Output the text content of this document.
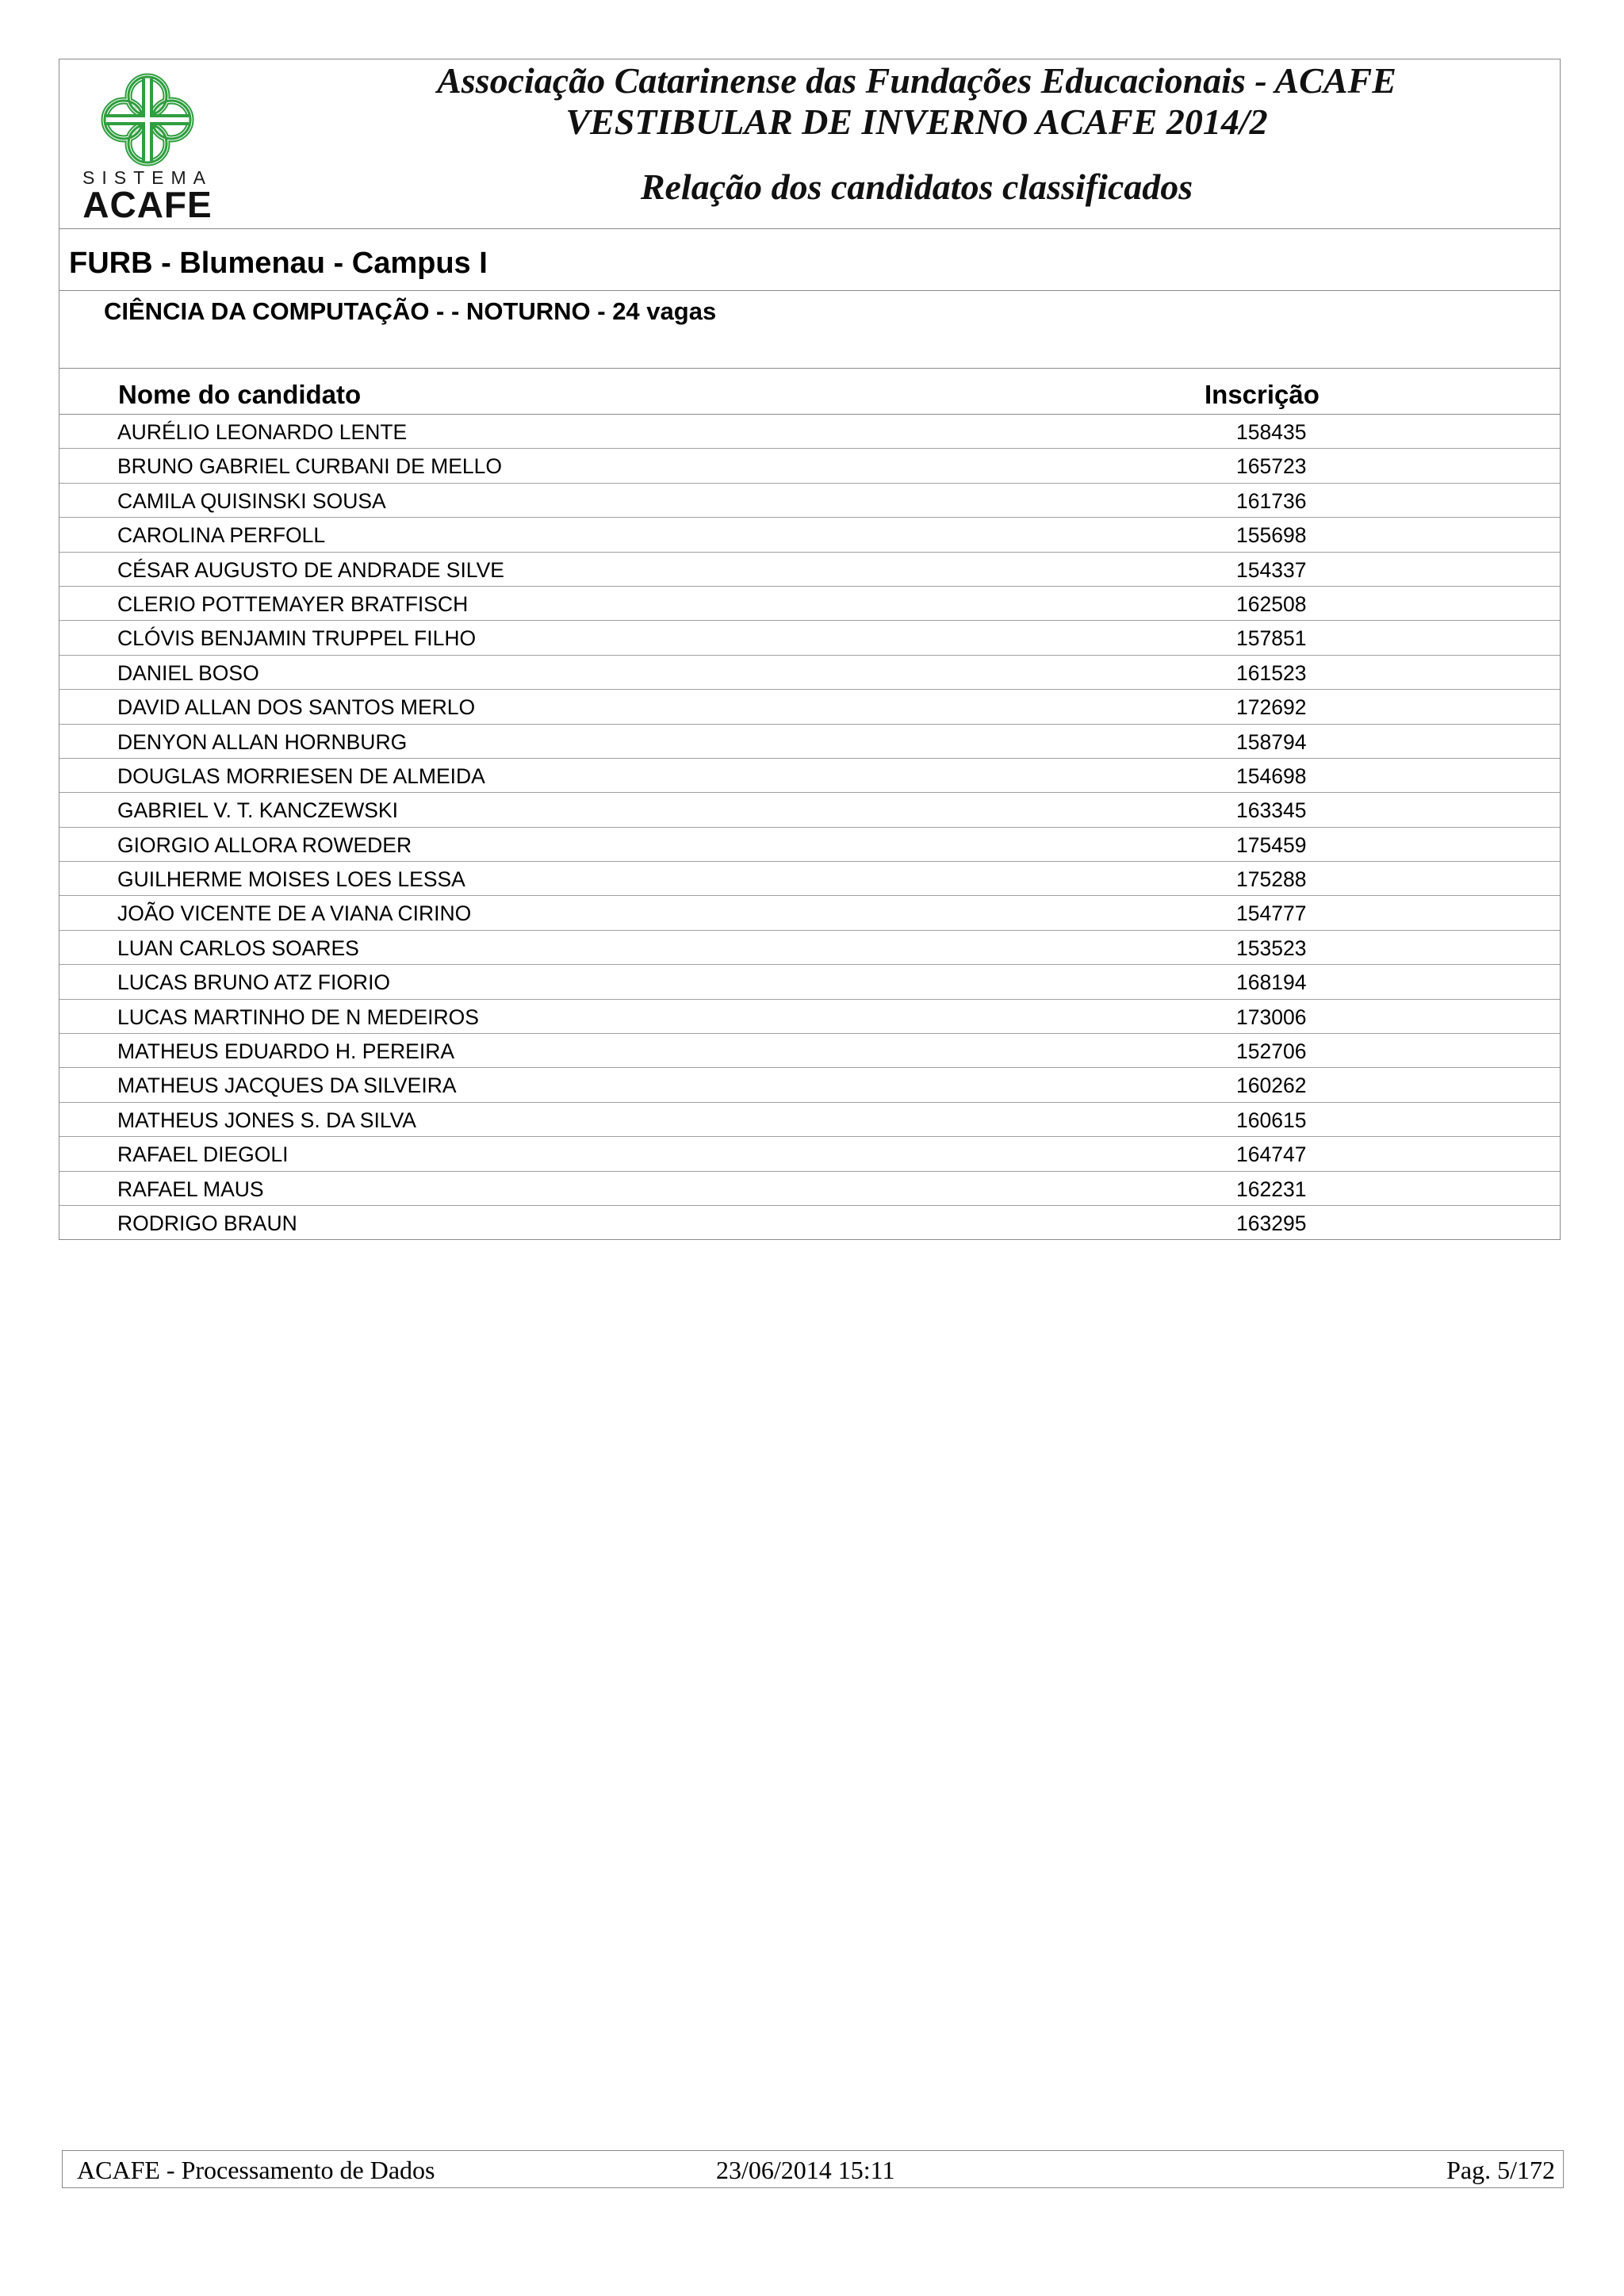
SISTEMA
ACAFE
Associação Catarinense das Fundações Educacionais - ACAFE
VESTIBULAR DE INVERNO ACAFE 2014/2
Relação dos candidatos classificados
FURB - Blumenau - Campus I
CIÊNCIA DA COMPUTAÇÃO - - NOTURNO - 24 vagas
Nome do candidato	Inscrição
AURÉLIO LEONARDO LENTE	158435
BRUNO GABRIEL CURBANI DE MELLO	165723
CAMILA QUISINSKI SOUSA	161736
CAROLINA PERFOLL	155698
CÉSAR AUGUSTO DE ANDRADE SILVE	154337
CLERIO POTTEMAYER BRATFISCH	162508
CLÓVIS BENJAMIN TRUPPEL FILHO	157851
DANIEL BOSO	161523
DAVID ALLAN DOS SANTOS MERLO	172692
DENYON ALLAN HORNBURG	158794
DOUGLAS MORRIESEN DE ALMEIDA	154698
GABRIEL V. T. KANCZEWSKI	163345
GIORGIO ALLORA ROWEDER	175459
GUILHERME MOISES LOES LESSA	175288
JOÃO VICENTE DE A VIANA CIRINO	154777
LUAN CARLOS SOARES	153523
LUCAS BRUNO ATZ FIORIO	168194
LUCAS MARTINHO DE N MEDEIROS	173006
MATHEUS EDUARDO H. PEREIRA	152706
MATHEUS JACQUES DA SILVEIRA	160262
MATHEUS JONES S. DA SILVA	160615
RAFAEL DIEGOLI	164747
RAFAEL MAUS	162231
RODRIGO BRAUN	163295
ACAFE - Processamento de Dados	23/06/2014 15:11	Pag. 5/172
